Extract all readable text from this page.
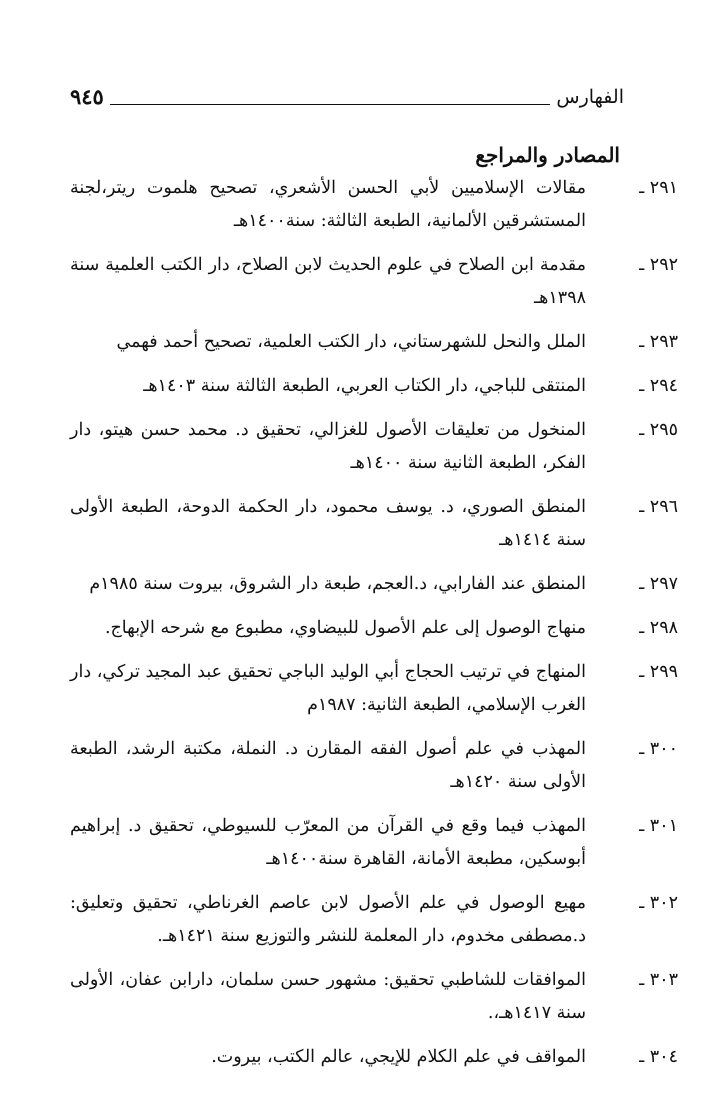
الفهارس
٩٤٥
المصادر والمراجع
٢٩١ ـ
مقالات الإسلاميين لأبي الحسن الأشعري، تصحيح هلموت ريتر،لجنة المستشرقين الألمانية، الطبعة الثالثة: سنة١٤٠٠هـ
٢٩٢ ـ
مقدمة ابن الصلاح في علوم الحديث لابن الصلاح، دار الكتب العلمية سنة ١٣٩٨هـ
٢٩٣ ـ
الملل والنحل للشهرستاني، دار الكتب العلمية، تصحيح أحمد فهمي
٢٩٤ ـ
المنتقى للباجي، دار الكتاب العربي، الطبعة الثالثة سنة ١٤٠٣هـ
٢٩٥ ـ
المنخول من تعليقات الأصول للغزالي، تحقيق د. محمد حسن هيتو، دار الفكر، الطبعة الثانية سنة ١٤٠٠هـ
٢٩٦ ـ
المنطق الصوري، د. يوسف محمود، دار الحكمة الدوحة، الطبعة الأولى سنة ١٤١٤هـ
٢٩٧ ـ
المنطق عند الفارابي، د.العجم، طبعة دار الشروق، بيروت سنة ١٩٨٥م
٢٩٨ ـ
منهاج الوصول إلى علم الأصول للبيضاوي، مطبوع مع شرحه الإبهاج.
٢٩٩ ـ
المنهاج في ترتيب الحجاج أبي الوليد الباجي تحقيق عبد المجيد تركي، دار الغرب الإسلامي، الطبعة الثانية: ١٩٨٧م
٣٠٠ ـ
المهذب في علم أصول الفقه المقارن د. النملة، مكتبة الرشد، الطبعة الأولى سنة ١٤٢٠هـ
٣٠١ ـ
المهذب فيما وقع في القرآن من المعرّب للسيوطي، تحقيق د. إبراهيم أبوسكين، مطبعة الأمانة، القاهرة سنة١٤٠٠هـ
٣٠٢ ـ
مهيع الوصول في علم الأصول لابن عاصم الغرناطي، تحقيق وتعليق: د.مصطفى مخدوم، دار المعلمة للنشر والتوزيع سنة ١٤٢١هـ.
٣٠٣ ـ
الموافقات للشاطبي تحقيق: مشهور حسن سلمان، دارابن عفان، الأولى سنة ١٤١٧هـ،.
٣٠٤ ـ
المواقف في علم الكلام للإيجي، عالم الكتب، بيروت.
